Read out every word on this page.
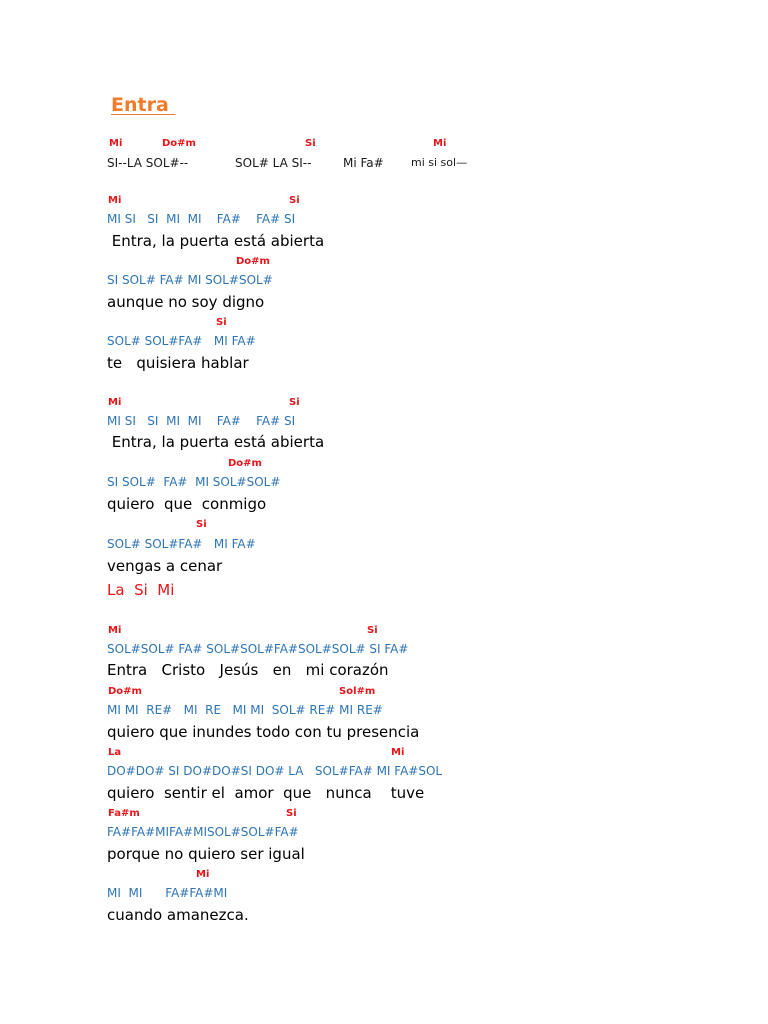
Entra
Mi	Do#m	Si	Mi
SI--LA SOL#--	SOL# LA SI--	Mi Fa# mi si sol—
Mi	Si
MI SI   SI  MI  MI    FA#    FA# SI
Entra, la puerta está abierta
Do#m
SI SOL# FA# MI SOL#SOL#
aunque no soy digno
Si
SOL# SOL#FA#   MI FA#
te   quisiera hablar
Mi	Si
MI SI   SI  MI  MI    FA#    FA# SI
Entra, la puerta está abierta
Do#m
SI SOL#  FA#  MI SOL#SOL#
quiero  que  conmigo
Si
SOL# SOL#FA#   MI FA#
vengas a cenar
La  Si  Mi
Mi	Si
SOL#SOL# FA# SOL#SOL#FA#SOL#SOL# SI FA#
Entra   Cristo   Jesús   en   mi corazón
Do#m	Sol#m
MI MI  RE#   MI  RE   MI MI  SOL# RE# MI RE#
quiero que inundes todo con tu presencia
La	Mi
DO#DO# SI DO#DO#SI DO# LA   SOL#FA# MI FA#SOL
quiero  sentir el  amor  que   nunca    tuve
Fa#m	Si
FA#FA#MIFA#MISOL#SOL#FA#
porque no quiero ser igual
Mi
MI  MI      FA#FA#MI
cuando amanezca.
